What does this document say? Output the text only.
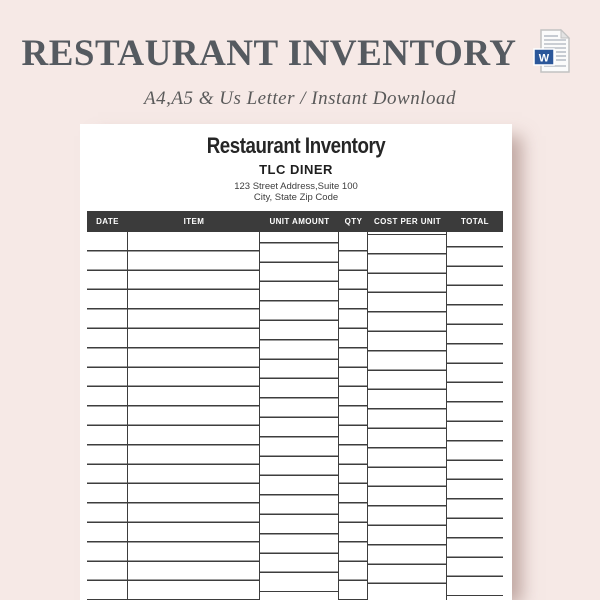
RESTAURANT INVENTORY W
A4,A5 & Us Letter / Instant Download
Restaurant Inventory
TLC DINER
123 Street Address,Suite 100
City, State Zip Code
DATE	ITEM	UNIT AMOUNT	QTY	COST PER UNIT	TOTAL
